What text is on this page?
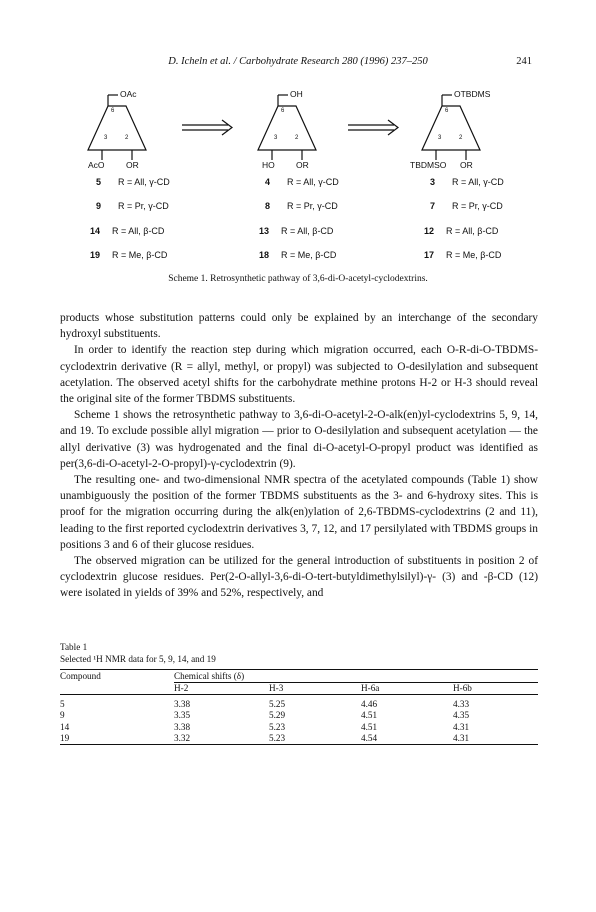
D. Icheln et al. / Carbohydrate Research 280 (1996) 237–250	241
OAc
6
3	2
AcO	OR
OH
6
3	2
HO	OR
OTBDMS
6
3	2
TBDMSO OR
5 R = All, γ-CD	4 R = All, γ-CD	3 R = All, γ-CD
9 R = Pr, γ-CD	8 R = Pr, γ-CD	7 R = Pr, γ-CD
14 R = All, β-CD	13 R = All, β-CD	12 R = All, β-CD
19 R = Me, β-CD	18 R = Me, β-CD	17 R = Me, β-CD
Scheme 1. Retrosynthetic pathway of 3,6-di-O-acetyl-cyclodextrins.

products whose substitution patterns could only be explained by an interchange of the secondary hydroxyl substituents.

In order to identify the reaction step during which migration occurred, each O-R-di-O-TBDMS-cyclodextrin derivative (R = allyl, methyl, or propyl) was subjected to O-desilylation and subsequent acetylation. The observed acetyl shifts for the carbohydrate methine protons H-2 or H-3 should reveal the original site of the former TBDMS substituents.

Scheme 1 shows the retrosynthetic pathway to 3,6-di-O-acetyl-2-O-alk(en)yl-cyclodextrins 5, 9, 14, and 19. To exclude possible allyl migration — prior to O-desilylation and subsequent acetylation — the allyl derivative (3) was hydrogenated and the final di-O-acetyl-O-propyl product was identified as per(3,6-di-O-acetyl-2-O-propyl)-γ-cyclodextrin (9).

The resulting one- and two-dimensional NMR spectra of the acetylated compounds (Table 1) show unambiguously the position of the former TBDMS substituents as the 3- and 6-hydroxy sites. This is proof for the migration occurring during the alk(en)ylation of 2,6-TBDMS-cyclodextrins (2 and 11), leading to the first reported cyclodextrin derivatives 3, 7, 12, and 17 persilylated with TBDMS groups in positions 3 and 6 of their glucose residues.

The observed migration can be utilized for the general introduction of substituents in position 2 of cyclodextrin glucose residues. Per(2-O-allyl-3,6-di-O-tert-butyldimethylsilyl)-γ- (3) and -β-CD (12) were isolated in yields of 39% and 52%, respectively, and

Table 1
Selected ¹H NMR data for 5, 9, 14, and 19
Compound	Chemical shifts (δ)			
	H-2	H-3	H-6a	H-6b
5	3.38	5.25	4.46	4.33
9	3.35	5.29	4.51	4.35
14	3.38	5.23	4.51	4.31
19	3.32	5.23	4.54	4.31
